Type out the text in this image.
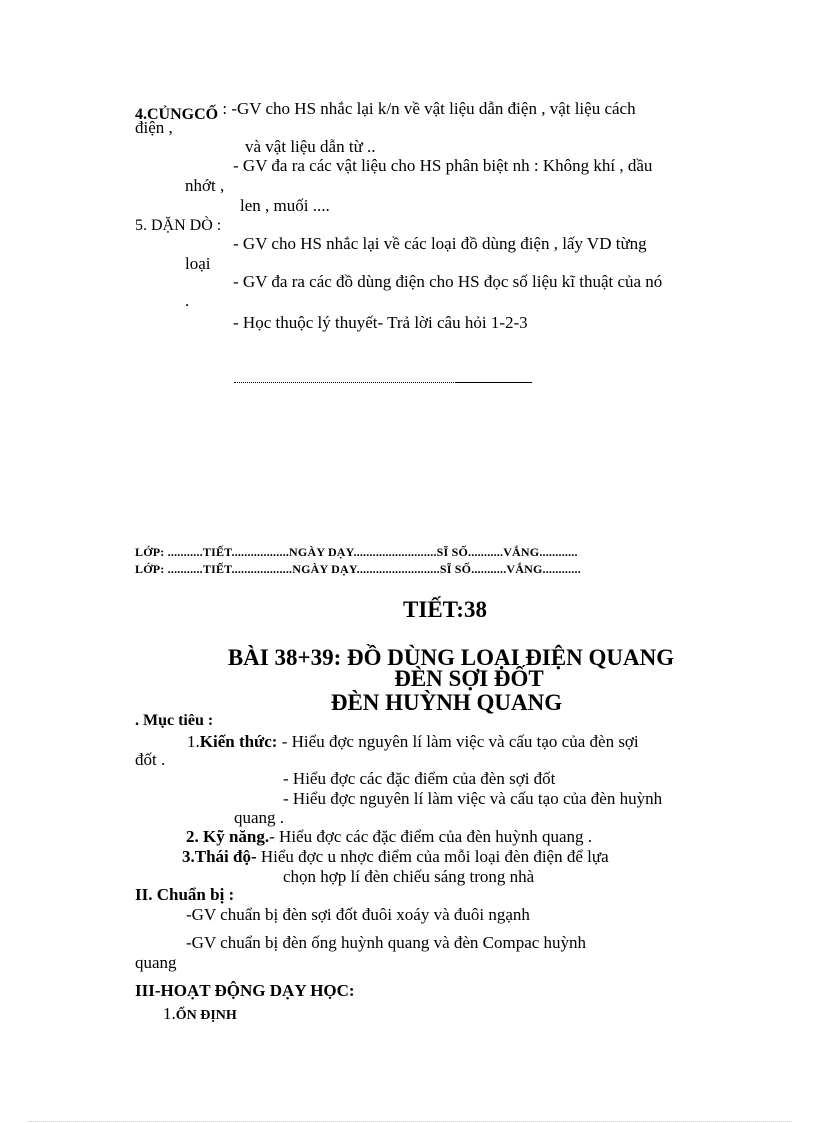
4.CỦNGCỐ : -GV cho HS nhắc lại k/n về vật liệu dẫn điện , vật liệu cách
điện ,
và vật liệu dẫn từ ..
- GV đa ra các vật liệu cho HS phân biệt nh : Không khí , dầu
nhớt ,
len , muối ....
5. DẶN DÒ :
- GV cho HS nhắc lại về các loại đồ dùng điện , lấy VD từng
loại
- GV đa ra các đồ dùng điện cho HS đọc số liệu kĩ thuật của nó
.
- Học thuộc lý thuyết- Trả lời câu hỏi 1-2-3
LỚP: ...........TIẾT..................NGÀY DẠY..........................SĨ SỐ...........VẮNG............
LỚP: ...........TIẾT...................NGÀY DẠY..........................SĨ SỐ...........VẮNG............
TIẾT:38
BÀI 38+39: ĐỒ DÙNG LOẠI ĐIỆN QUANG
ĐÈN SỢI ĐỐT
ĐÈN HUỲNH QUANG
. Mục tiêu :
1.Kiến thức: - Hiểu đợc nguyên lí làm việc và cấu tạo của đèn sợi
đốt .
- Hiểu đợc các đặc điểm của đèn sợi đốt
- Hiểu đợc nguyên lí làm việc và cấu tạo của đèn huỳnh
quang .
2. Kỹ năng.- Hiểu đợc các đặc điểm của đèn huỳnh quang .
3.Thái độ- Hiểu đợc u nhợc điểm của mỗi loại đèn điện để lựa
chọn hợp lí đèn chiếu sáng trong nhà
II. Chuẩn bị :
-GV chuẩn bị đèn sợi đốt đuôi xoáy và đuôi ngạnh
-GV chuẩn bị đèn ống huỳnh quang và đèn Compac huỳnh
quang
III-HOẠT ĐỘNG DẠY HỌC:
1.ỔN ĐỊNH
